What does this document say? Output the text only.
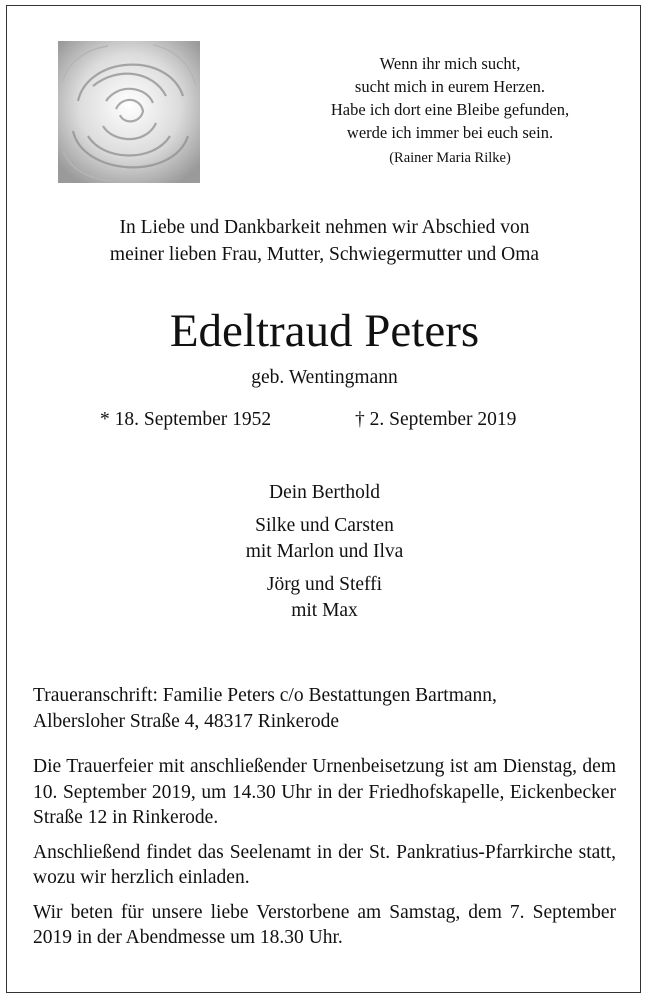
Wenn ihr mich sucht,
sucht mich in eurem Herzen.
Habe ich dort eine Bleibe gefunden,
werde ich immer bei euch sein.
(Rainer Maria Rilke)
In Liebe und Dankbarkeit nehmen wir Abschied von
meiner lieben Frau, Mutter, Schwiegermutter und Oma
Edeltraud Peters
geb. Wentingmann
* 18. September 1952	† 2. September 2019
Dein Berthold
Silke und Carsten
mit Marlon und Ilva
Jörg und Steffi
mit Max

Traueranschrift: Familie Peters c/o Bestattungen Bartmann,
Albersloher Straße 4, 48317 Rinkerode

Die Trauerfeier mit anschließender Urnenbeisetzung ist am Dienstag, dem 10. September 2019, um 14.30 Uhr in der Friedhofskapelle, Eickenbecker Straße 12 in Rinkerode.

Anschließend findet das Seelenamt in der St. Pankratius-Pfarrkirche statt, wozu wir herzlich einladen.

Wir beten für unsere liebe Verstorbene am Samstag, dem 7. September 2019 in der Abendmesse um 18.30 Uhr.
